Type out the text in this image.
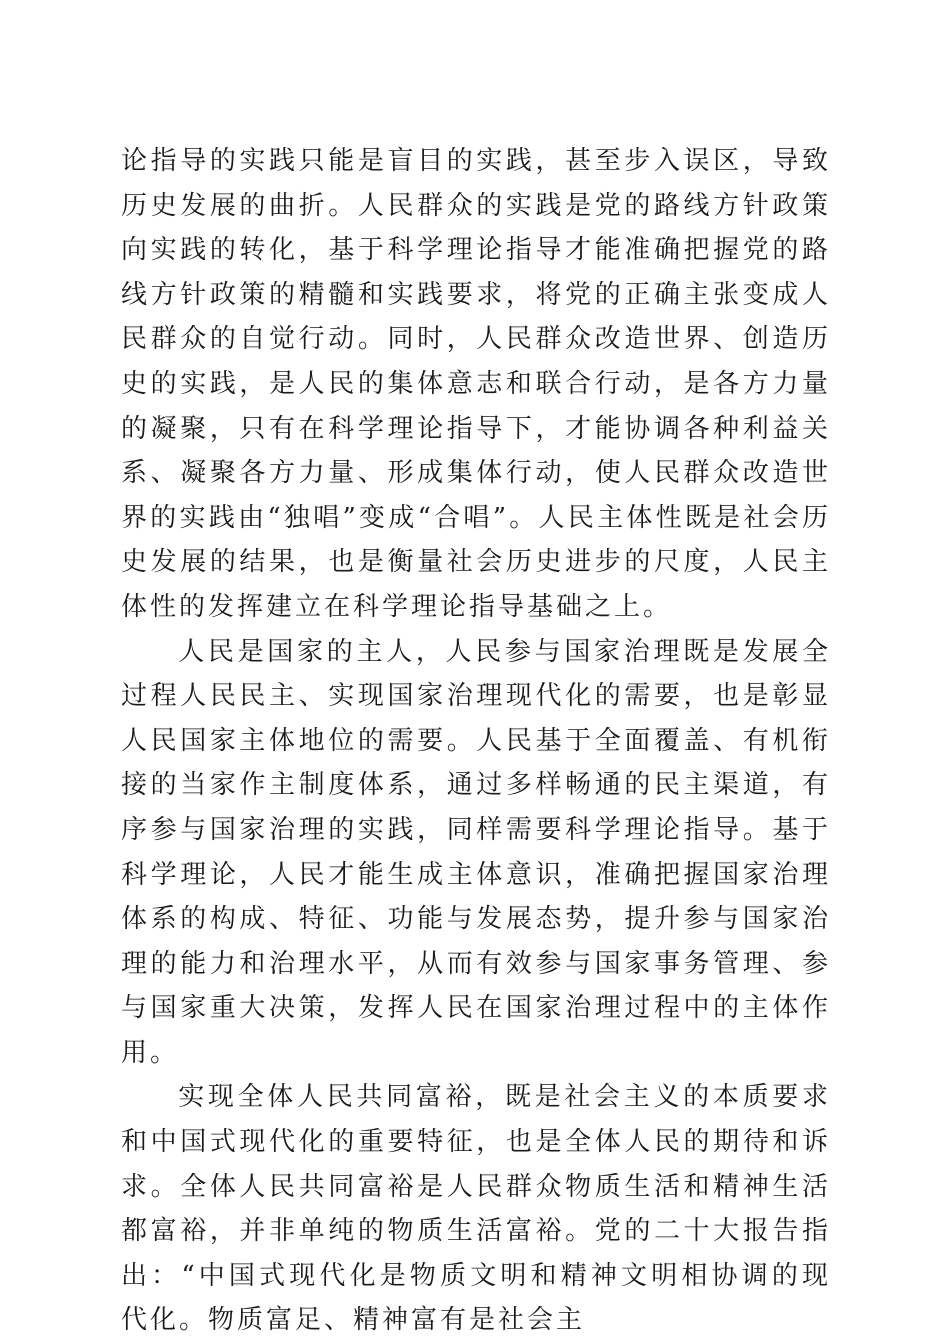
论指导的实践只能是盲目的实践，甚至步入误区，导致历史发展的曲折。人民群众的实践是党的路线方针政策向实践的转化，基于科学理论指导才能准确把握党的路线方针政策的精髓和实践要求，将党的正确主张变成人民群众的自觉行动。同时，人民群众改造世界、创造历史的实践，是人民的集体意志和联合行动，是各方力量的凝聚，只有在科学理论指导下，才能协调各种利益关系、凝聚各方力量、形成集体行动，使人民群众改造世界的实践由“独唱”变成“合唱”。人民主体性既是社会历史发展的结果，也是衡量社会历史进步的尺度，人民主体性的发挥建立在科学理论指导基础之上。

人民是国家的主人，人民参与国家治理既是发展全过程人民民主、实现国家治理现代化的需要，也是彰显人民国家主体地位的需要。人民基于全面覆盖、有机衔接的当家作主制度体系，通过多样畅通的民主渠道，有序参与国家治理的实践，同样需要科学理论指导。基于科学理论，人民才能生成主体意识，准确把握国家治理体系的构成、特征、功能与发展态势，提升参与国家治理的能力和治理水平，从而有效参与国家事务管理、参与国家重大决策，发挥人民在国家治理过程中的主体作用。

实现全体人民共同富裕，既是社会主义的本质要求和中国式现代化的重要特征，也是全体人民的期待和诉求。全体人民共同富裕是人民群众物质生活和精神生活都富裕，并非单纯的物质生活富裕。党的二十大报告指出：“中国式现代化是物质文明和精神文明相协调的现代化。物质富足、精神富有是社会主
